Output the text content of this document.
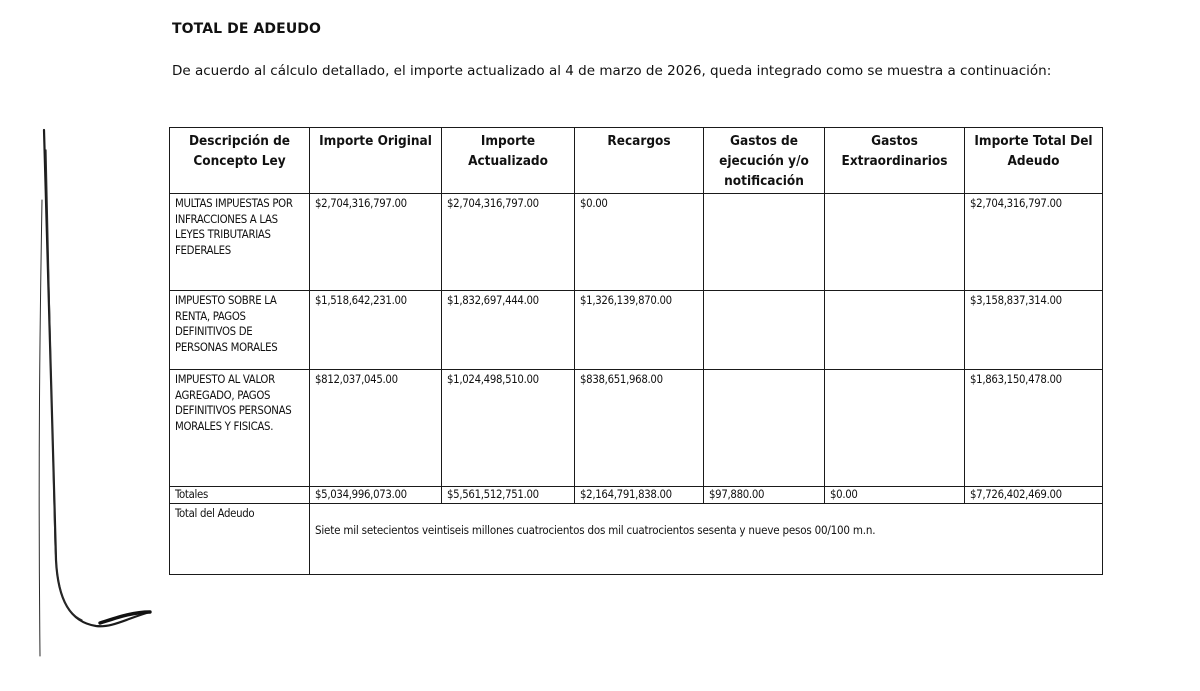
TOTAL DE ADEUDO
De acuerdo al cálculo detallado, el importe actualizado al 4 de marzo de 2026, queda integrado como se muestra a continuación:
Descripción de Concepto Ley	Importe Original	Importe Actualizado	Recargos	Gastos de ejecución y/o notificación	Gastos Extraordinarios	Importe Total Del Adeudo
MULTAS IMPUESTAS POR INFRACCIONES A LAS LEYES TRIBUTARIAS FEDERALES	$2,704,316,797.00	$2,704,316,797.00	$0.00			$2,704,316,797.00
IMPUESTO SOBRE LA RENTA, PAGOS DEFINITIVOS DE PERSONAS MORALES	$1,518,642,231.00	$1,832,697,444.00	$1,326,139,870.00			$3,158,837,314.00
IMPUESTO AL VALOR AGREGADO, PAGOS DEFINITIVOS PERSONAS MORALES Y FISICAS.	$812,037,045.00	$1,024,498,510.00	$838,651,968.00			$1,863,150,478.00
Totales	$5,034,996,073.00	$5,561,512,751.00	$2,164,791,838.00	$97,880.00	$0.00	$7,726,402,469.00
Total del Adeudo	Siete mil setecientos veintiseis millones cuatrocientos dos mil cuatrocientos sesenta y nueve pesos 00/100 m.n.					
